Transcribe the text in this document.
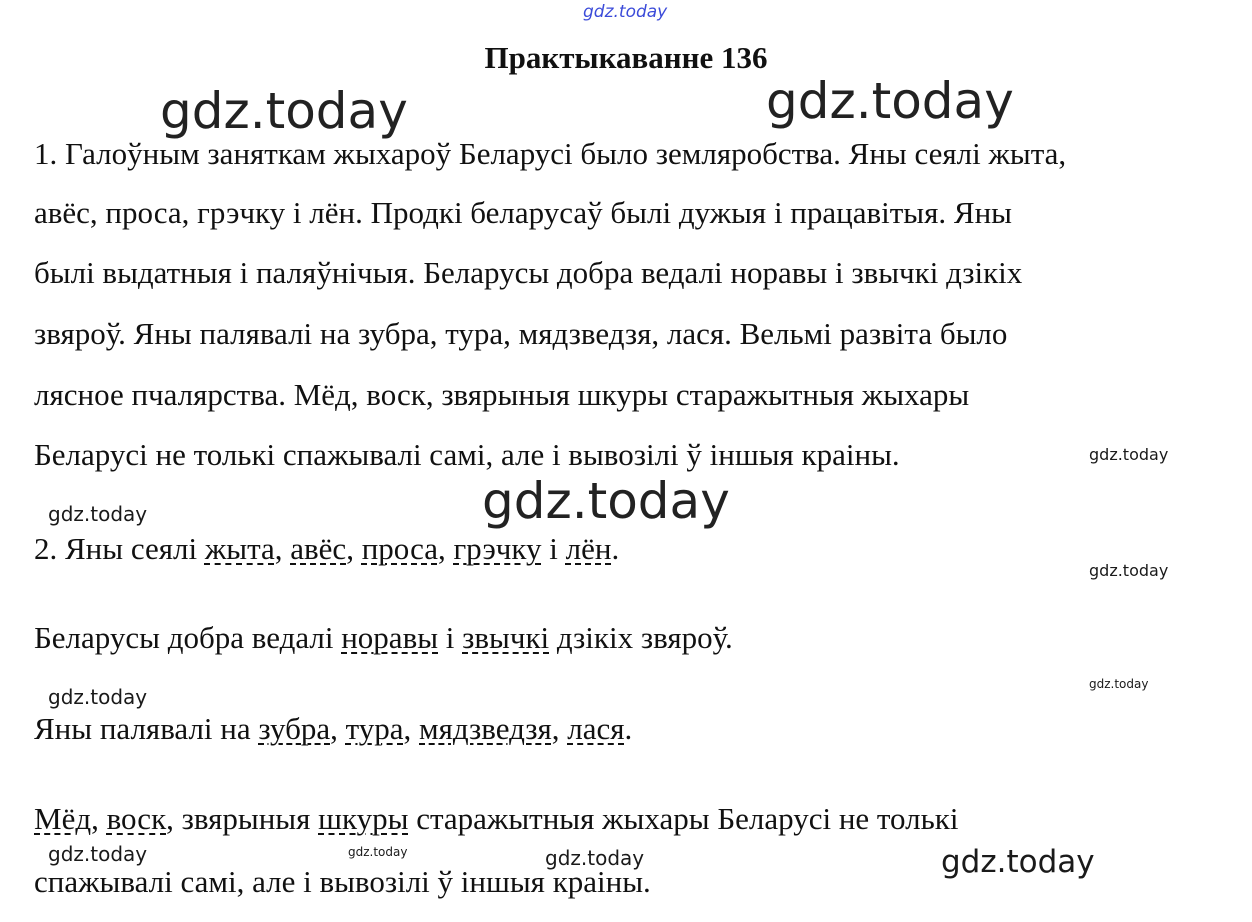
gdz.today
gdz.today	gdz.today
gdz.today
gdz.today
gdz.today
gdz.today
gdz.today
gdz.today
gdz.today	gdz.today	gdz.today	gdz.today
Практыкаванне 136
1. Галоўным заняткам жыхароў Беларусі было земляробства. Яны сеялі жыта,
авёс, проса, грэчку і лён. Продкі беларусаў былі дужыя і працавітыя. Яны
былі выдатныя і паляўнічыя. Беларусы добра ведалі норавы і звычкі дзікіх
звяроў. Яны палявалі на зубра, тура, мядзведзя, лася. Вельмі развіта было
лясное пчалярства. Мёд, воск, звярыныя шкуры старажытныя жыхары
Беларусі не толькі спажывалі самі, але і вывозілі ў іншыя краіны.
2. Яны сеялі жыта, авёс, проса, грэчку і лён.
Беларусы добра ведалі норавы і звычкі дзікіх звяроў.
Яны палявалі на зубра, тура, мядзведзя, лася.
Мёд, воск, звярыныя шкуры старажытныя жыхары Беларусі не толькі
спажывалі самі, але і вывозілі ў іншыя краіны.
